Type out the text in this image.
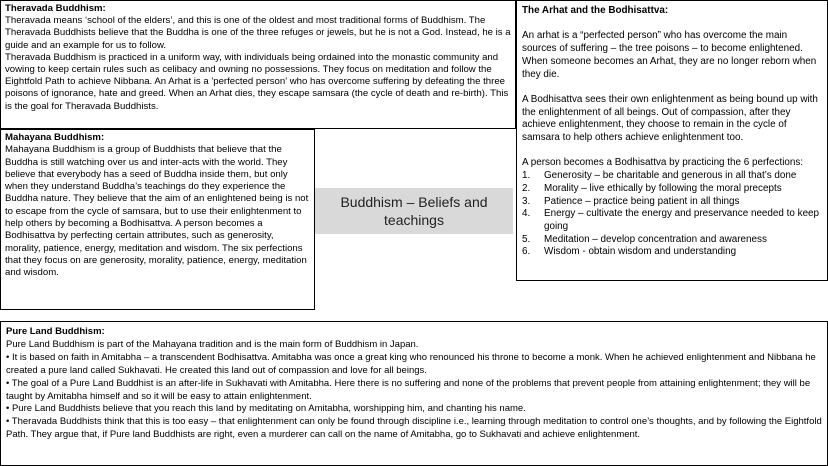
Theravada Buddhism:

Theravada means ‘school of the elders’, and this is one of the oldest and most traditional forms of Buddhism. The Theravada Buddhists believe that the Buddha is one of the three refuges or jewels, but he is not a God. Instead, he is a guide and an example for us to follow.

Theravada Buddhism is practiced in a uniform way, with individuals being ordained into the monastic community and vowing to keep certain rules such as celibacy and owning no possessions. They focus on meditation and follow the Eightfold Path to achieve Nibbana. An Arhat is a 'perfected person' who has overcome suffering by defeating the three poisons of ignorance, hate and greed. When an Arhat dies, they escape samsara (the cycle of death and re-birth). This is the goal for Theravada Buddhists.

The Arhat and the Bodhisattva:

An arhat is a “perfected person” who has overcome the main sources of suffering – the tree poisons – to become enlightened. When someone becomes an Arhat, they are no longer reborn when they die.

A Bodhisattva sees their own enlightenment as being bound up with the enlightenment of all beings. Out of compassion, after they achieve enlightenment, they choose to remain in the cycle of samsara to help others achieve enlightenment too.

A person becomes a Bodhisattva by practicing the 6 perfections:

1.	Generosity – be charitable and generous in all that’s done
2.	Morality – live ethically by following the moral precepts
3.	Patience – practice being patient in all things
4.	Energy – cultivate the energy and preservance needed to keep going
5.	Meditation – develop concentration and awareness
6.	Wisdom - obtain wisdom and understanding
Mahayana Buddhism:

Mahayana Buddhism is a group of Buddhists that believe that the Buddha is still watching over us and inter-acts with the world. They believe that everybody has a seed of Buddha inside them, but only when they understand Buddha’s teachings do they experience the Buddha nature. They believe that the aim of an enlightened being is not to escape from the cycle of samsara, but to use their enlightenment to help others by becoming a Bodhisattva. A person becomes a Bodhisattva by perfecting certain attributes, such as generosity, morality, patience, energy, meditation and wisdom. The six perfections that they focus on are generosity, morality, patience, energy, meditation and wisdom.

Buddhism – Beliefs and teachings
Pure Land Buddhism:

Pure Land Buddhism is part of the Mahayana tradition and is the main form of Buddhism in Japan.

• It is based on faith in Amitabha – a transcendent Bodhisattva. Amitabha was once a great king who renounced his throne to become a monk. When he achieved enlightenment and Nibbana he created a pure land called Sukhavati. He created this land out of compassion and love for all beings.

• The goal of a Pure Land Buddhist is an after-life in Sukhavati with Amitabha. Here there is no suffering and none of the problems that prevent people from attaining enlightenment; they will be taught by Amitabha himself and so it will be easy to attain enlightenment.

• Pure Land Buddhists believe that you reach this land by meditating on Amitabha, worshipping him, and chanting his name.

• Theravada Buddhists think that this is too easy – that enlightenment can only be found through discipline i.e., learning through meditation to control one’s thoughts, and by following the Eightfold Path. They argue that, if Pure land Buddhists are right, even a murderer can call on the name of Amitabha, go to Sukhavati and achieve enlightenment.
